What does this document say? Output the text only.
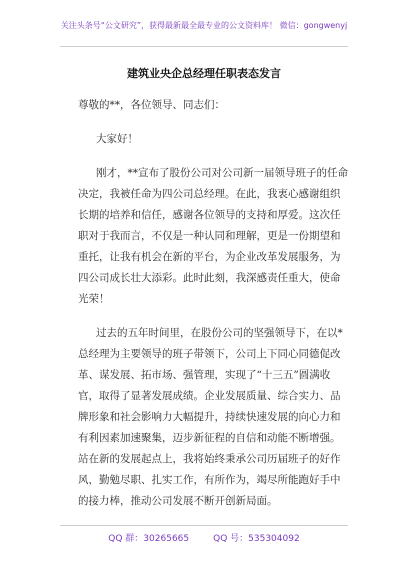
关注头条号“公文研究”，获得最新最全最专业的公文资料库！ 微信：gongwenyj
建筑业央企总经理任职表态发言
尊敬的**，各位领导、同志们：
大家好！
刚才，**宣布了股份公司对公司新一届领导班子的任命
决定，我被任命为四公司总经理。在此，我衷心感谢组织
长期的培养和信任，感谢各位领导的支持和厚爱。这次任
职对于我而言，不仅是一种认同和理解，更是一份期望和
重托，让我有机会在新的平台，为企业改革发展服务，为
四公司成长壮大添彩。此时此刻，我深感责任重大，使命
光荣！
过去的五年时间里，在股份公司的坚强领导下，在以*
总经理为主要领导的班子带领下，公司上下同心同德促改
革、谋发展、拓市场、强管理，实现了“十三五”圆满收
官，取得了显著发展成绩。企业发展质量、综合实力、品
牌形象和社会影响力大幅提升，持续快速发展的向心力和
有利因素加速聚集，迈步新征程的自信和动能不断增强。
站在新的发展起点上，我将始终秉承公司历届班子的好作
风，勤勉尽职、扎实工作，有所作为，竭尽所能跑好手中
的接力棒，推动公司发展不断开创新局面。
QQ 群：30265665	QQ 号：535304092
